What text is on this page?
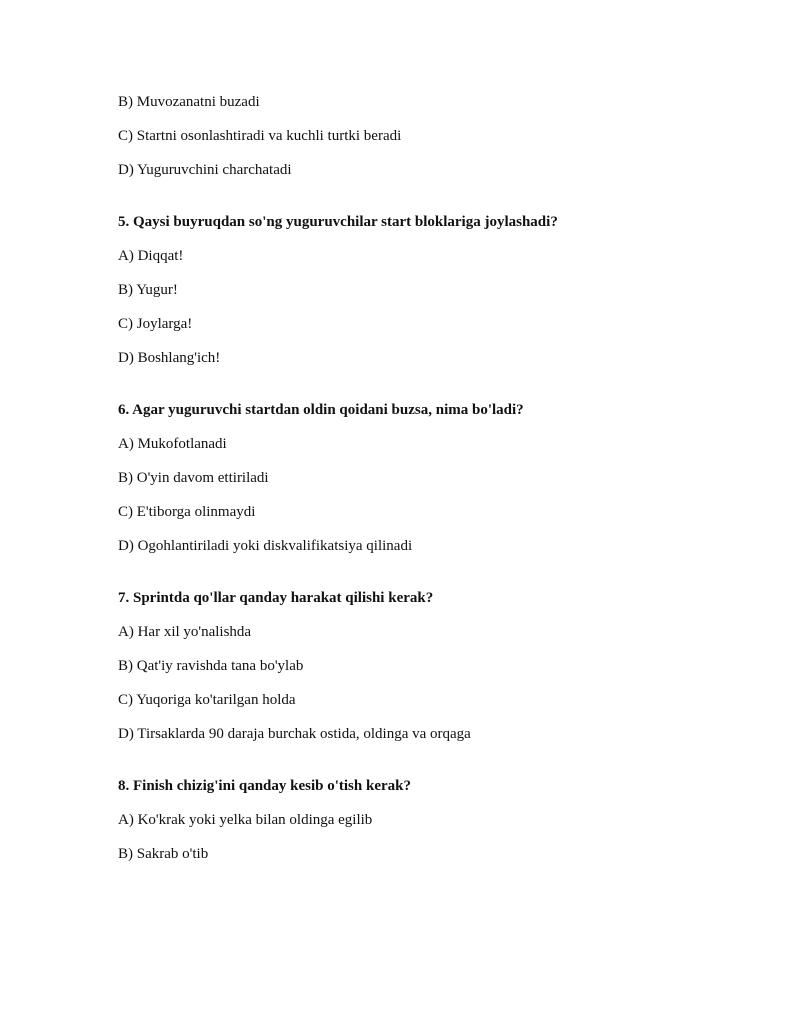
B) Muvozanatni buzadi
C) Startni osonlashtiradi va kuchli turtki beradi
D) Yuguruvchini charchatadi
5. Qaysi buyruqdan so'ng yuguruvchilar start bloklariga joylashadi?
A) Diqqat!
B) Yugur!
C) Joylarga!
D) Boshlang'ich!
6. Agar yuguruvchi startdan oldin qoidani buzsa, nima bo'ladi?
A) Mukofotlanadi
B) O'yin davom ettiriladi
C) E'tiborga olinmaydi
D) Ogohlantiriladi yoki diskvalifikatsiya qilinadi
7. Sprintda qo'llar qanday harakat qilishi kerak?
A) Har xil yo'nalishda
B) Qat'iy ravishda tana bo'ylab
C) Yuqoriga ko'tarilgan holda
D) Tirsaklarda 90 daraja burchak ostida, oldinga va orqaga
8. Finish chizig'ini qanday kesib o'tish kerak?
A) Ko'krak yoki yelka bilan oldinga egilib
B) Sakrab o'tib
